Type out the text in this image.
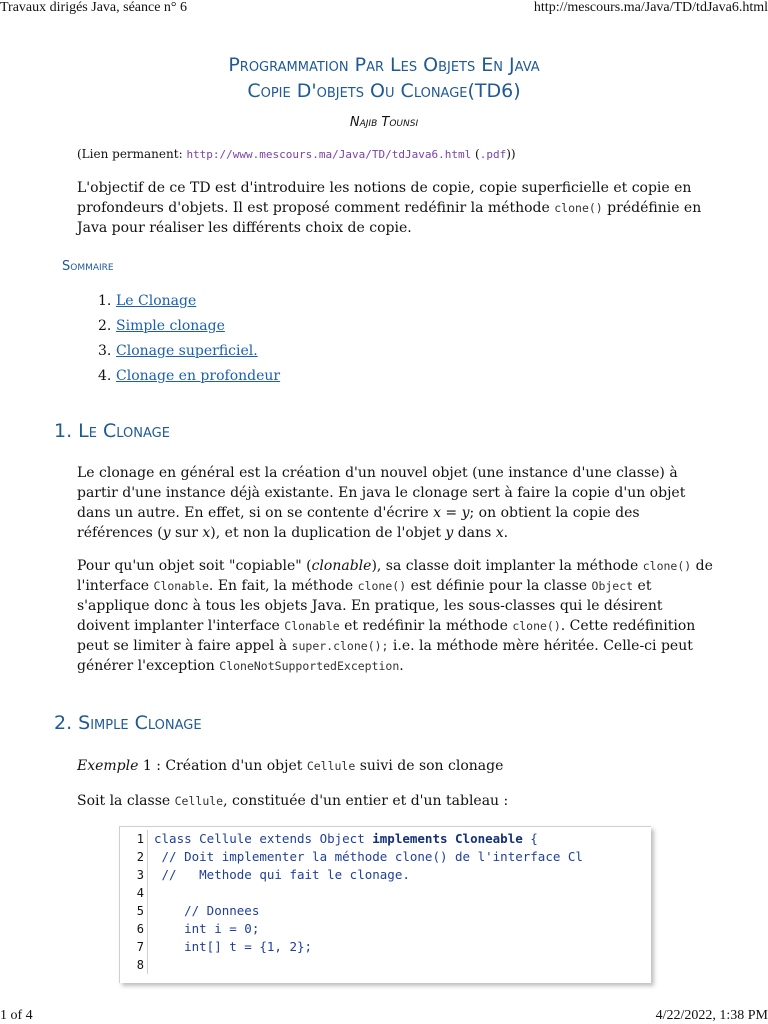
Travaux dirigés Java, séance n° 6	http://mescours.ma/Java/TD/tdJava6.html
Programmation Par Les Objets En Java
Copie D'objets Ou Clonage(TD6)
Najib Tounsi
(Lien permanent: http://www.mescours.ma/Java/TD/tdJava6.html (.pdf))
L'objectif de ce TD est d'introduire les notions de copie, copie superficielle et copie en profondeurs d'objets. Il est proposé comment redéfinir la méthode clone() prédéfinie en Java pour réaliser les différents choix de copie.
Sommaire
1. Le Clonage
2. Simple clonage
3. Clonage superficiel.
4. Clonage en profondeur
1. Le Clonage
Le clonage en général est la création d'un nouvel objet (une instance d'une classe) à partir d'une instance déjà existante. En java le clonage sert à faire la copie d'un objet dans un autre. En effet, si on se contente d'écrire x = y; on obtient la copie des références (y sur x), et non la duplication de l'objet y dans x.
Pour qu'un objet soit "copiable" (clonable), sa classe doit implanter la méthode clone() de l'interface Clonable. En fait, la méthode clone() est définie pour la classe Object et s'applique donc à tous les objets Java. En pratique, les sous-classes qui le désirent doivent implanter l'interface Clonable et redéfinir la méthode clone(). Cette redéfinition peut se limiter à faire appel à super.clone(); i.e. la méthode mère héritée. Celle-ci peut générer l'exception CloneNotSupportedException.
2. Simple Clonage
Exemple 1 : Création d'un objet Cellule suivi de son clonage
Soit la classe Cellule, constituée d'un entier et d'un tableau :
1 class Cellule extends Object implements Cloneable {
2 // Doit implementer la méthode clone() de l'interface Cl
3 //   Methode qui fait le clonage.
4
5 // Donnees
6 int i = 0;
7 int[] t = {1, 2};
8
1 of 4	4/22/2022, 1:38 PM
